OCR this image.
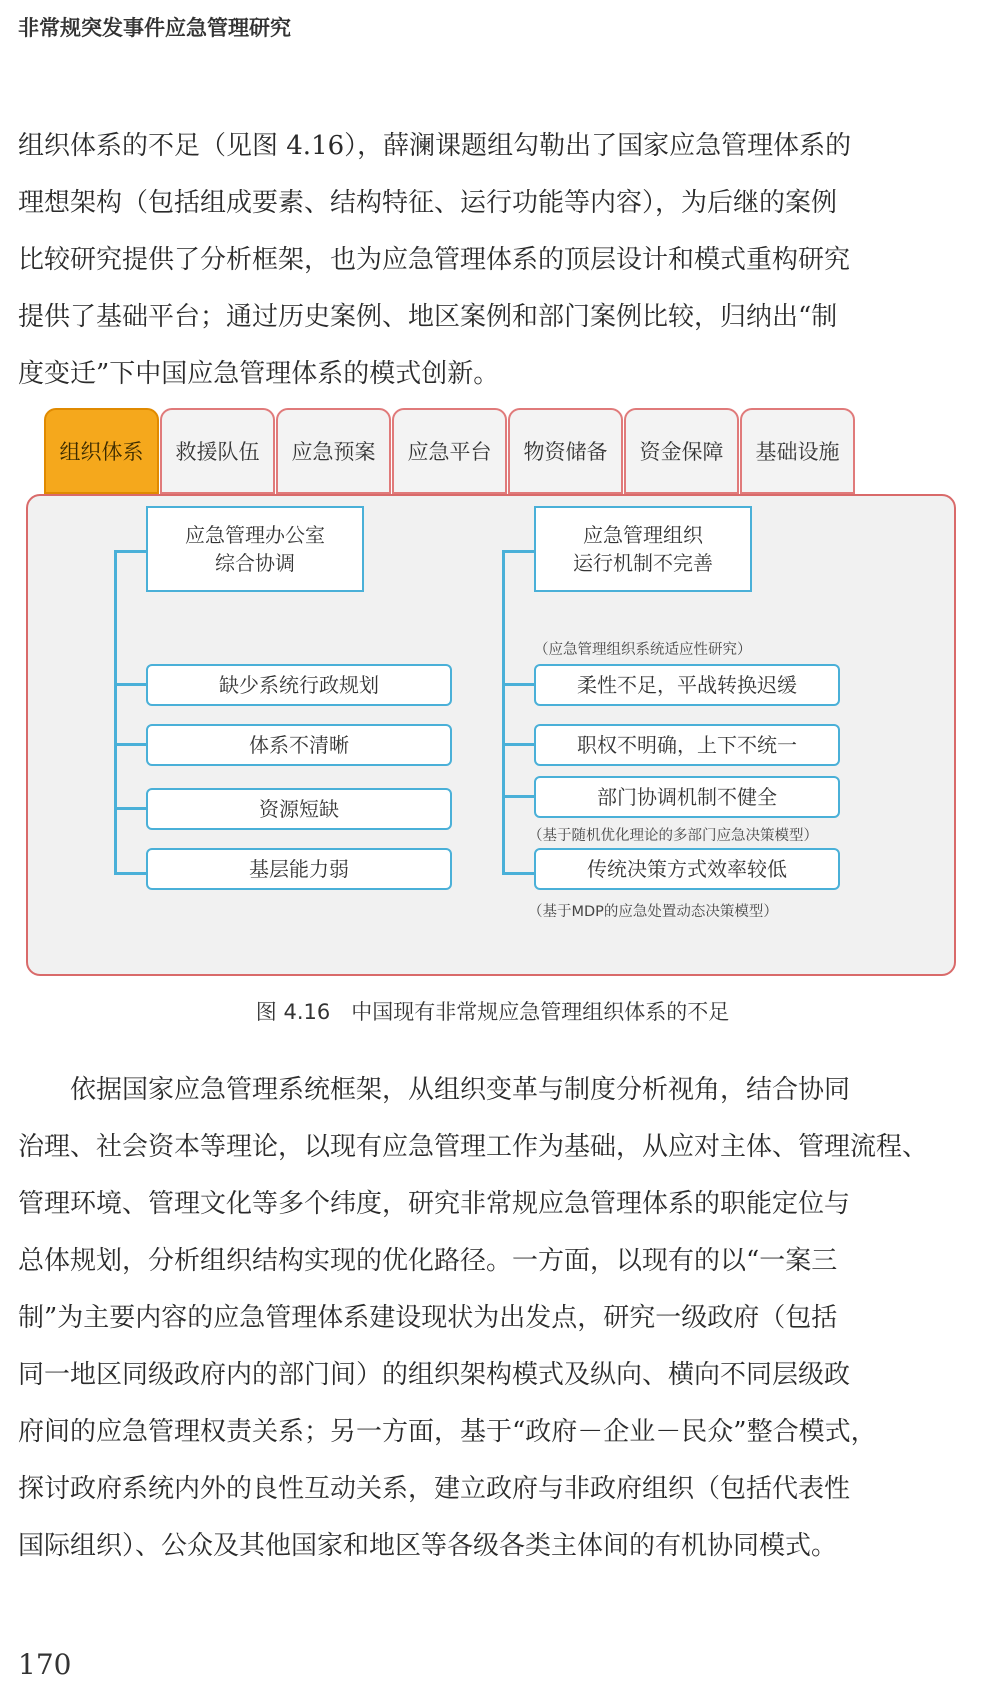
非常规突发事件应急管理研究
组织体系的不足（见图 4.16），薛澜课题组勾勒出了国家应急管理体系的
理想架构（包括组成要素、结构特征、运行功能等内容），为后继的案例
比较研究提供了分析框架，也为应急管理体系的顶层设计和模式重构研究
提供了基础平台；通过历史案例、地区案例和部门案例比较，归纳出“制
度变迁”下中国应急管理体系的模式创新。
组织体系	救援队伍	应急预案	应急平台	物资储备	资金保障	基础设施
应急管理办公室
综合协调
缺少系统行政规划
体系不清晰
资源短缺
基层能力弱
应急管理组织
运行机制不完善
（应急管理组织系统适应性研究）
柔性不足，平战转换迟缓
职权不明确，上下不统一
部门协调机制不健全
（基于随机优化理论的多部门应急决策模型）
传统决策方式效率较低
（基于MDP的应急处置动态决策模型）
图 4.16　中国现有非常规应急管理组织体系的不足
依据国家应急管理系统框架，从组织变革与制度分析视角，结合协同
治理、社会资本等理论，以现有应急管理工作为基础，从应对主体、管理流程、
管理环境、管理文化等多个纬度，研究非常规应急管理体系的职能定位与
总体规划，分析组织结构实现的优化路径。一方面，以现有的以“一案三
制”为主要内容的应急管理体系建设现状为出发点，研究一级政府（包括
同一地区同级政府内的部门间）的组织架构模式及纵向、横向不同层级政
府间的应急管理权责关系；另一方面，基于“政府－企业－民众”整合模式，
探讨政府系统内外的良性互动关系，建立政府与非政府组织（包括代表性
国际组织）、公众及其他国家和地区等各级各类主体间的有机协同模式。
170
